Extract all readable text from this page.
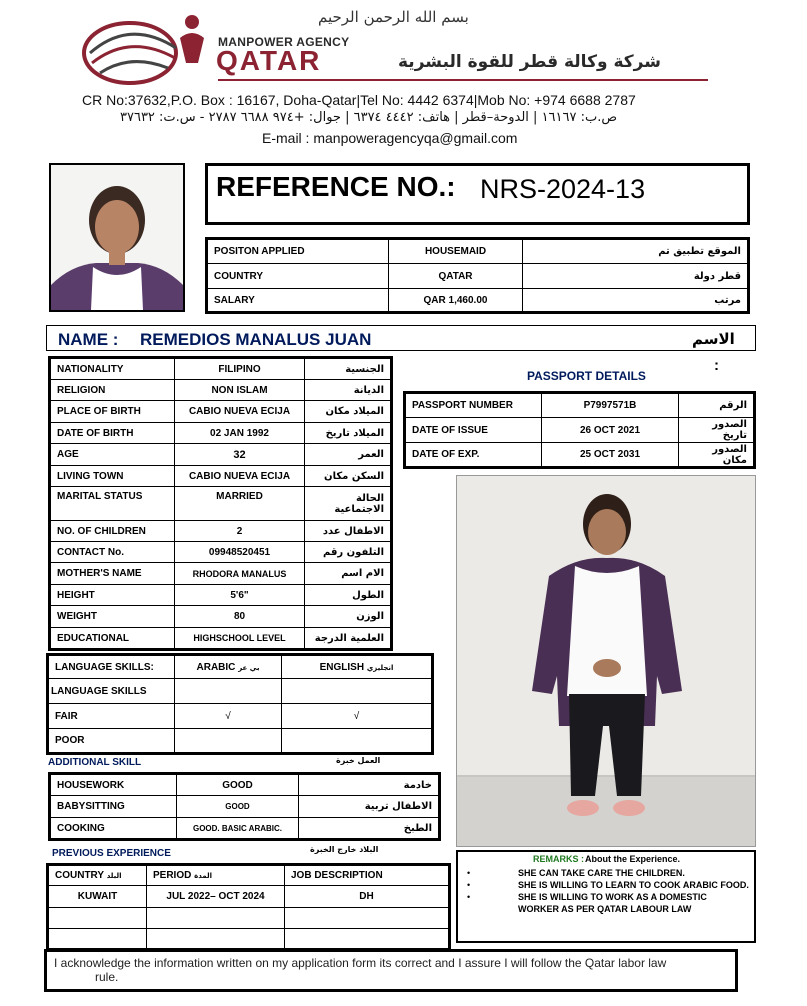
بسم الله الرحمن الرحيم
MANPOWER AGENCY
QATAR	شركة وكالة قطر للقوة البشرية
CR No:37632,P.O. Box : 16167, Doha-Qatar|Tel No: 4442 6374|Mob No: +974 6688 2787
ص.ب: ١٦١٦٧ | الدوحة–قطر | هاتف: ٤٤٤٢ ٦٣٧٤ | جوال: +٩٧٤ ٦٦٨٨ ٢٧٨٧ - س.ت: ٣٧٦٣٢
E-mail : manpoweragencyqa@gmail.com
REFERENCE NO.: NRS-2024-13
POSITON APPLIED	HOUSEMAID	الموقع تطبيق تم
COUNTRY	QATAR	قطر دولة
SALARY	QAR 1,460.00	مرتب
NAME : REMEDIOS MANALUS JUAN	الاسم
:
NATIONALITY	FILIPINO	الجنسية
RELIGION	NON ISLAM	الديانة
PLACE OF BIRTH	CABIO NUEVA ECIJA	الميلاد مكان
DATE OF BIRTH	02 JAN 1992	الميلاد تاريخ
AGE	32	العمر
LIVING TOWN	CABIO NUEVA ECIJA	السكن مكان
MARITAL STATUS	MARRIED	الحالة الاجتماعية
NO. OF CHILDREN	2	الاطفال عدد
CONTACT No.	09948520451	التلفون رقم
MOTHER'S NAME	RHODORA MANALUS	الام اسم
HEIGHT	5'6"	الطول
WEIGHT	80	الوزن
EDUCATIONAL	HIGHSCHOOL LEVEL	العلمية الدرجة
PASSPORT DETAILS
PASSPORT NUMBER	P7997571B	الرقم
DATE OF ISSUE	26 OCT 2021	الصدور تاريخ
DATE OF EXP.	25 OCT 2031	الصدور مكان
LANGUAGE SKILLS:	ARABIC بي عر	ENGLISH انجليزي
LANGUAGE SKILLS		
FAIR	√	√
POOR		
ADDITIONAL SKILL	العمل خبرة
HOUSEWORK	GOOD	خادمة
BABYSITTING	GOOD	الاطفال تربية
COOKING	GOOD. BASIC ARABIC.	الطبخ
PREVIOUS EXPERIENCE	البلاد خارج الخبرة
COUNTRY البلد	PERIOD المدة	JOB DESCRIPTION
KUWAIT	JUL 2022– OCT 2024	DH

REMARKS : About the Experience.
•	SHE CAN TAKE CARE THE CHILDREN.
•	SHE IS WILLING TO LEARN TO COOK ARABIC FOOD.
•	SHE IS WILLING TO WORK AS A DOMESTIC
WORKER AS PER QATAR LABOUR LAW
I acknowledge the information written on my application form its correct and I assure I will follow the Qatar labor law
rule.
